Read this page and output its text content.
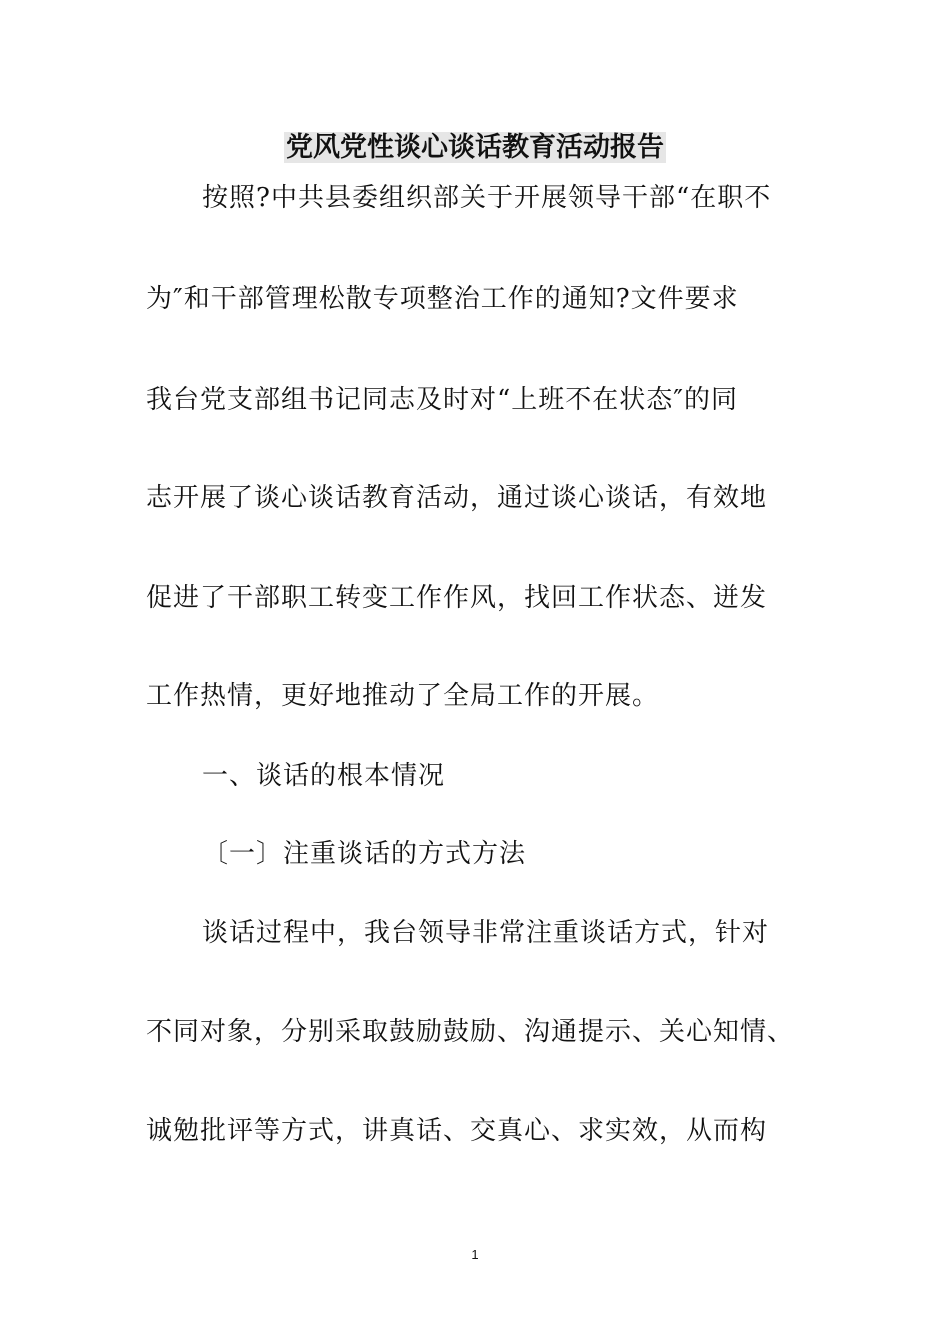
党风党性谈心谈话教育活动报告
按照?中共县委组织部关于开展领导干部“在职不
为″和干部管理松散专项整治工作的通知?文件要求
我台党支部组书记同志及时对“上班不在状态″的同
志开展了谈心谈话教育活动，通过谈心谈话，有效地
促进了干部职工转变工作作风，找回工作状态、迸发
工作热情，更好地推动了全局工作的开展。
一、谈话的根本情况
〔一〕注重谈话的方式方法
谈话过程中，我台领导非常注重谈话方式，针对
不同对象，分别采取鼓励鼓励、沟通提示、关心知情、
诚勉批评等方式，讲真话、交真心、求实效，从而构
1
